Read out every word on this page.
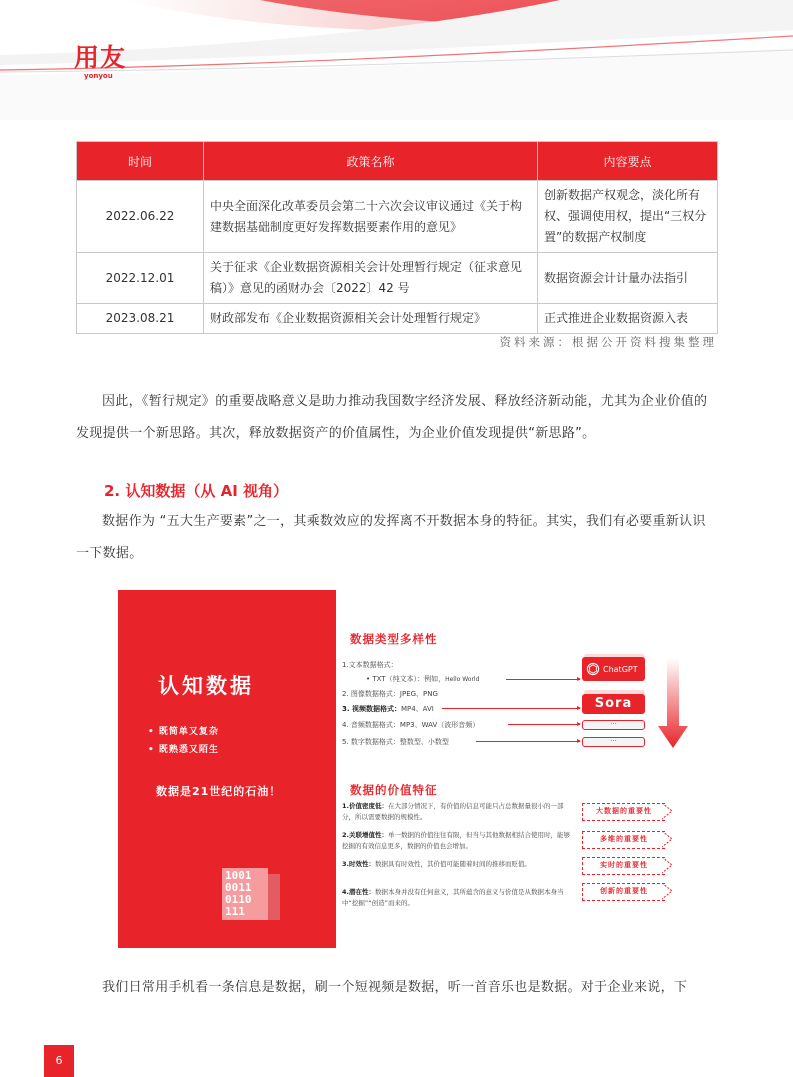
用友
yonyou
时间	政策名称	内容要点
2022.06.22	中央全面深化改革委员会第二十六次会议审议通过《关于构建数据基础制度更好发挥数据要素作用的意见》	创新数据产权观念，淡化所有权、强调使用权，提出“三权分置”的数据产权制度
2022.12.01	关于征求《企业数据资源相关会计处理暂行规定（征求意见稿）》意见的函财办会〔2022〕42 号	数据资源会计计量办法指引
2023.08.21	财政部发布《企业数据资源相关会计处理暂行规定》	正式推进企业数据资源入表
资料来源：根据公开资料搜集整理
因此，《暂行规定》的重要战略意义是助力推动我国数字经济发展、释放经济新动能，尤其为企业价值的发现提供一个新思路。其次，释放数据资产的价值属性，为企业价值发现提供“新思路”。
2. 认知数据（从 AI 视角）
数据作为 “五大生产要素”之一，其乘数效应的发挥离不开数据本身的特征。其实，我们有必要重新认识一下数据。
认知数据
• 既简单又复杂
• 既熟悉又陌生
数据是21世纪的石油！
1001
0011
0110
111
数据类型多样性
1.文本数据格式：
• TXT（纯文本）：例如，Hello World
2. 图像数据格式：JPEG、PNG
3. 视频数据格式：MP4、AVI
4. 音频数据格式：MP3、WAV（波形音频）
5. 数字数据格式：整数型、小数型
ChatGPT
Sora
···
···
数据的价值特征
1.价值密度低：在大部分情况下，有价值的信息可能只占总数据量很小的一部分，所以需要数据的规模性。
2.关联增值性：单一数据的价值往往有限，但当与其他数据相结合使用时，能够挖掘的有效信息更多，数据的价值也会增加。
3.时效性：数据具有时效性，其价值可能随着时间的推移而贬值。
4.潜在性：数据本身并没有任何意义，其所蕴含的意义与价值是从数据本身当中“挖掘”“创造”而来的。
大数据的重要性
多维的重要性
实时的重要性
创新的重要性
我们日常用手机看一条信息是数据，刷一个短视频是数据，听一首音乐也是数据。对于企业来说，下
6
